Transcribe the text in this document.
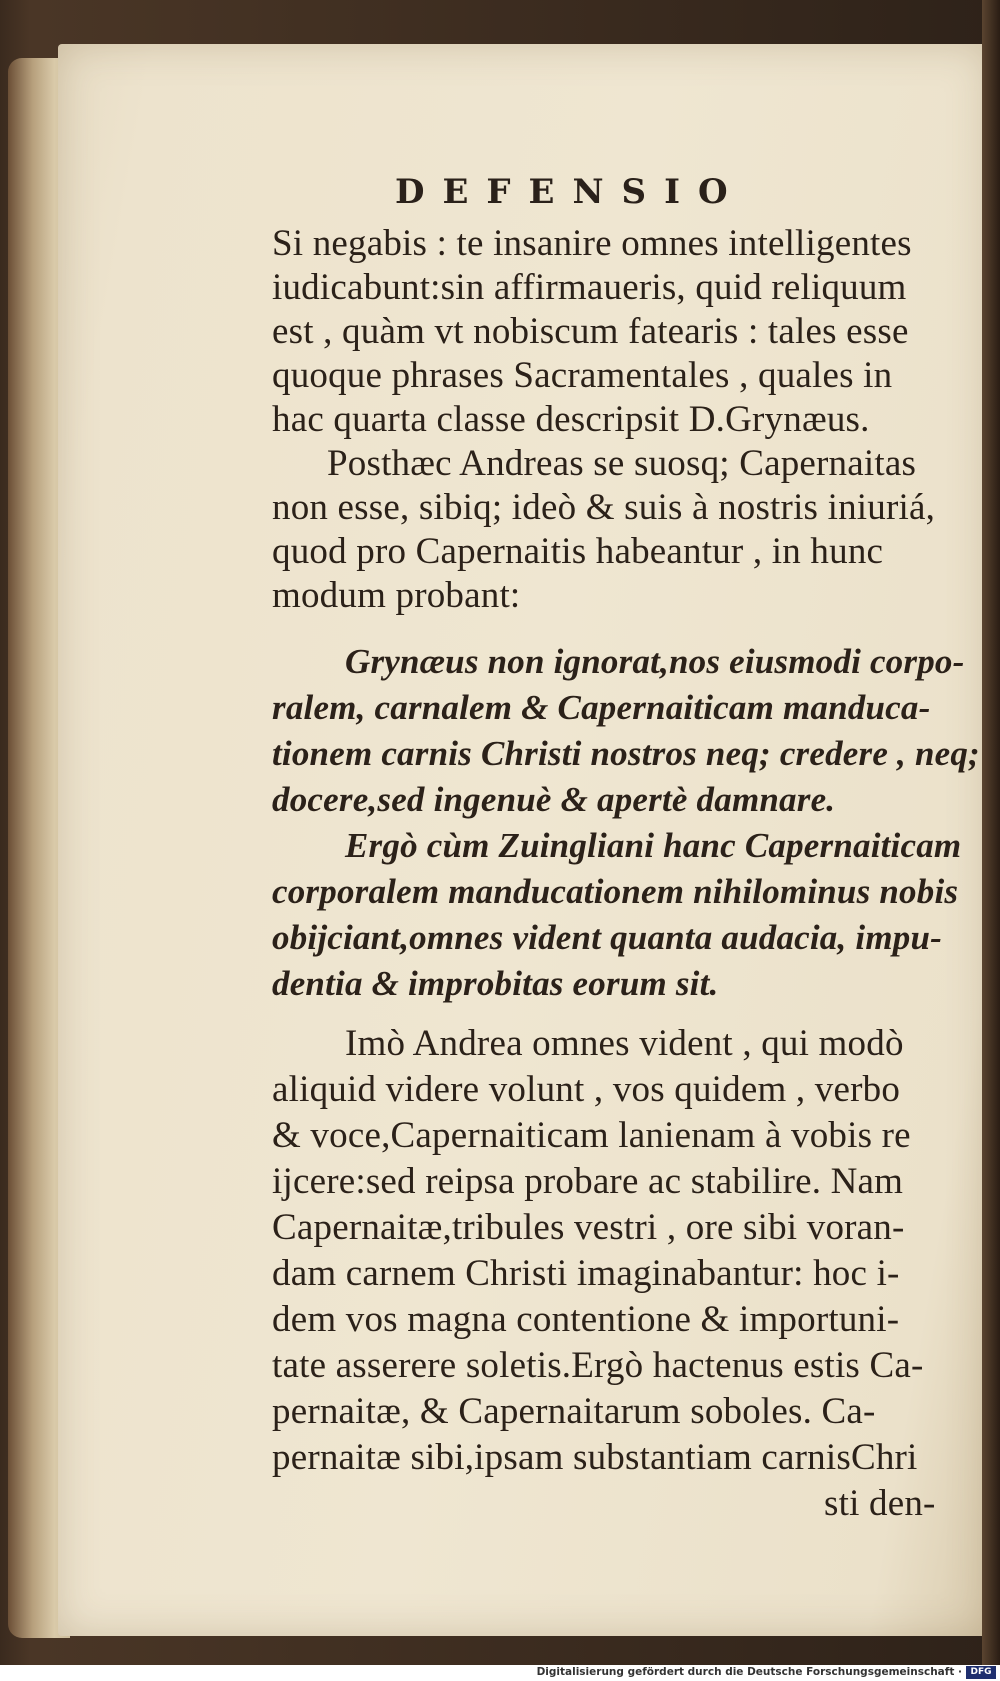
DEFENSIO
Si negabis : te insanire omnes intelligentes
iudicabunt:sin affirmaueris, quid reliquum
est , quàm vt nobiscum fatearis : tales esse
quoque phrases Sacramentales , quales in
hac quarta classe descripsit D.Grynæus.
Posthæc Andreas se suosq; Capernaitas
non esse, sibiq; ideò & suis à nostris iniuriá,
quod pro Capernaitis habeantur , in hunc
modum probant:
Grynæus non ignorat,nos eiusmodi corpo-
ralem, carnalem & Capernaiticam manduca-
tionem carnis Christi nostros neq; credere , neq;
docere,sed ingenuè & apertè damnare.
Ergò cùm Zuingliani hanc Capernaiticam
corporalem manducationem nihilominus nobis
obijciant,omnes vident quanta audacia, impu-
dentia & improbitas eorum sit.
Imò Andrea omnes vident , qui modò
aliquid videre volunt , vos quidem , verbo
& voce,Capernaiticam lanienam à vobis re
ijcere:sed reipsa probare ac stabilire. Nam
Capernaitæ,tribules vestri , ore sibi voran-
dam carnem Christi imaginabantur: hoc i-
dem vos magna contentione & importuni-
tate asserere soletis.Ergò hactenus estis Ca-
pernaitæ, & Capernaitarum soboles. Ca-
pernaitæ sibi,ipsam substantiam carnisChri
sti den-
Digitalisierung gefördert durch die Deutsche Forschungsgemeinschaft · DFG
